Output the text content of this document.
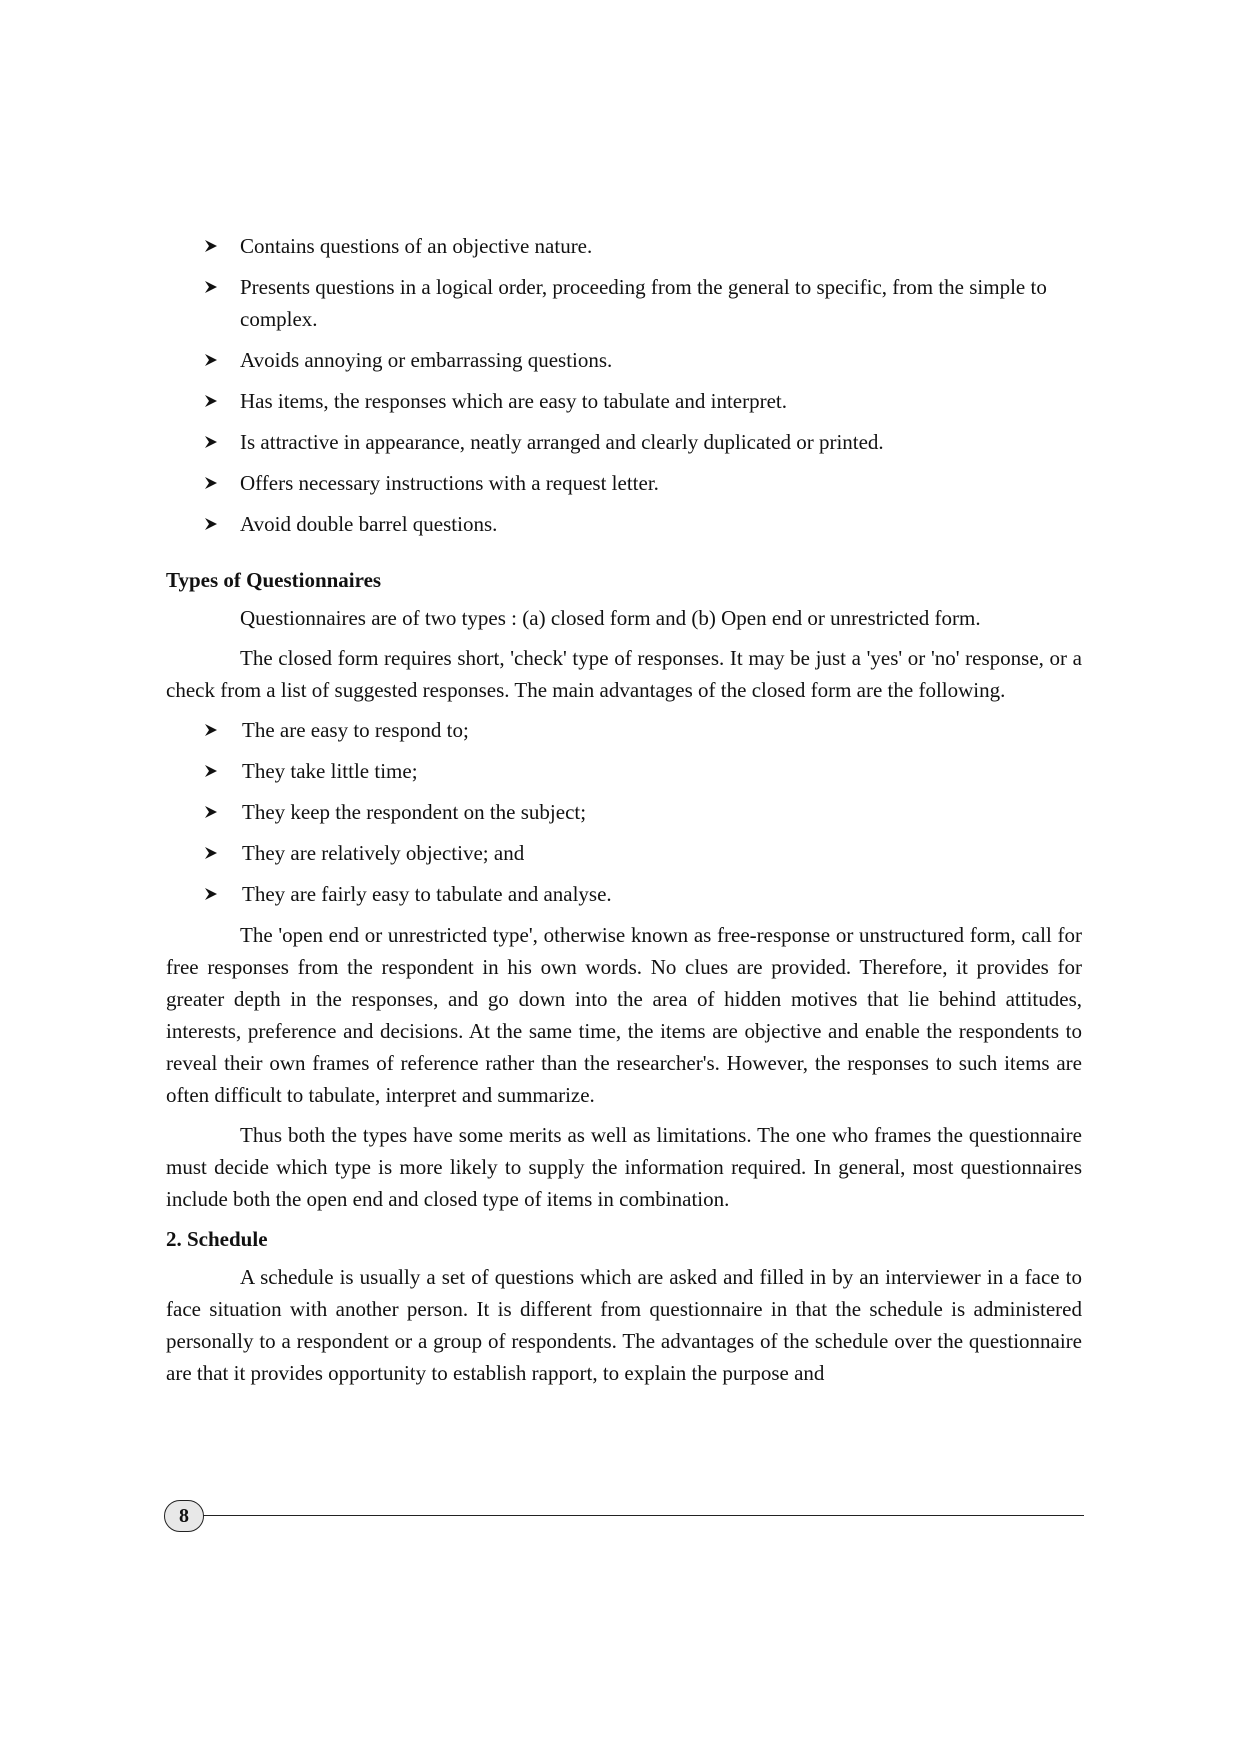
Contains questions of an objective nature.
Presents questions in a logical order, proceeding from the general to specific, from the simple to complex.
Avoids annoying or embarrassing questions.
Has items, the responses which are easy to tabulate and interpret.
Is attractive in appearance, neatly arranged and clearly duplicated or printed.
Offers necessary instructions with a request letter.
Avoid double barrel questions.
Types of Questionnaires

Questionnaires are of two types : (a) closed form and (b) Open end or unrestricted form.

The closed form requires short, 'check' type of responses. It may be just a 'yes' or 'no' response, or a check from a list of suggested responses. The main advantages of the closed form are the following.

The are easy to respond to;
They take little time;
They keep the respondent on the subject;
They are relatively objective; and
They are fairly easy to tabulate and analyse.

The 'open end or unrestricted type', otherwise known as free-response or unstructured form, call for free responses from the respondent in his own words. No clues are provided. Therefore, it provides for greater depth in the responses, and go down into the area of hidden motives that lie behind attitudes, interests, preference and decisions. At the same time, the items are objective and enable the respondents to reveal their own frames of reference rather than the researcher's. However, the responses to such items are often difficult to tabulate, interpret and summarize.

Thus both the types have some merits as well as limitations. The one who frames the questionnaire must decide which type is more likely to supply the information required. In general, most questionnaires include both the open end and closed type of items in combination.

2. Schedule

A schedule is usually a set of questions which are asked and filled in by an interviewer in a face to face situation with another person. It is different from questionnaire in that the schedule is administered personally to a respondent or a group of respondents. The advantages of the schedule over the questionnaire are that it provides opportunity to establish rapport, to explain the purpose and

8
